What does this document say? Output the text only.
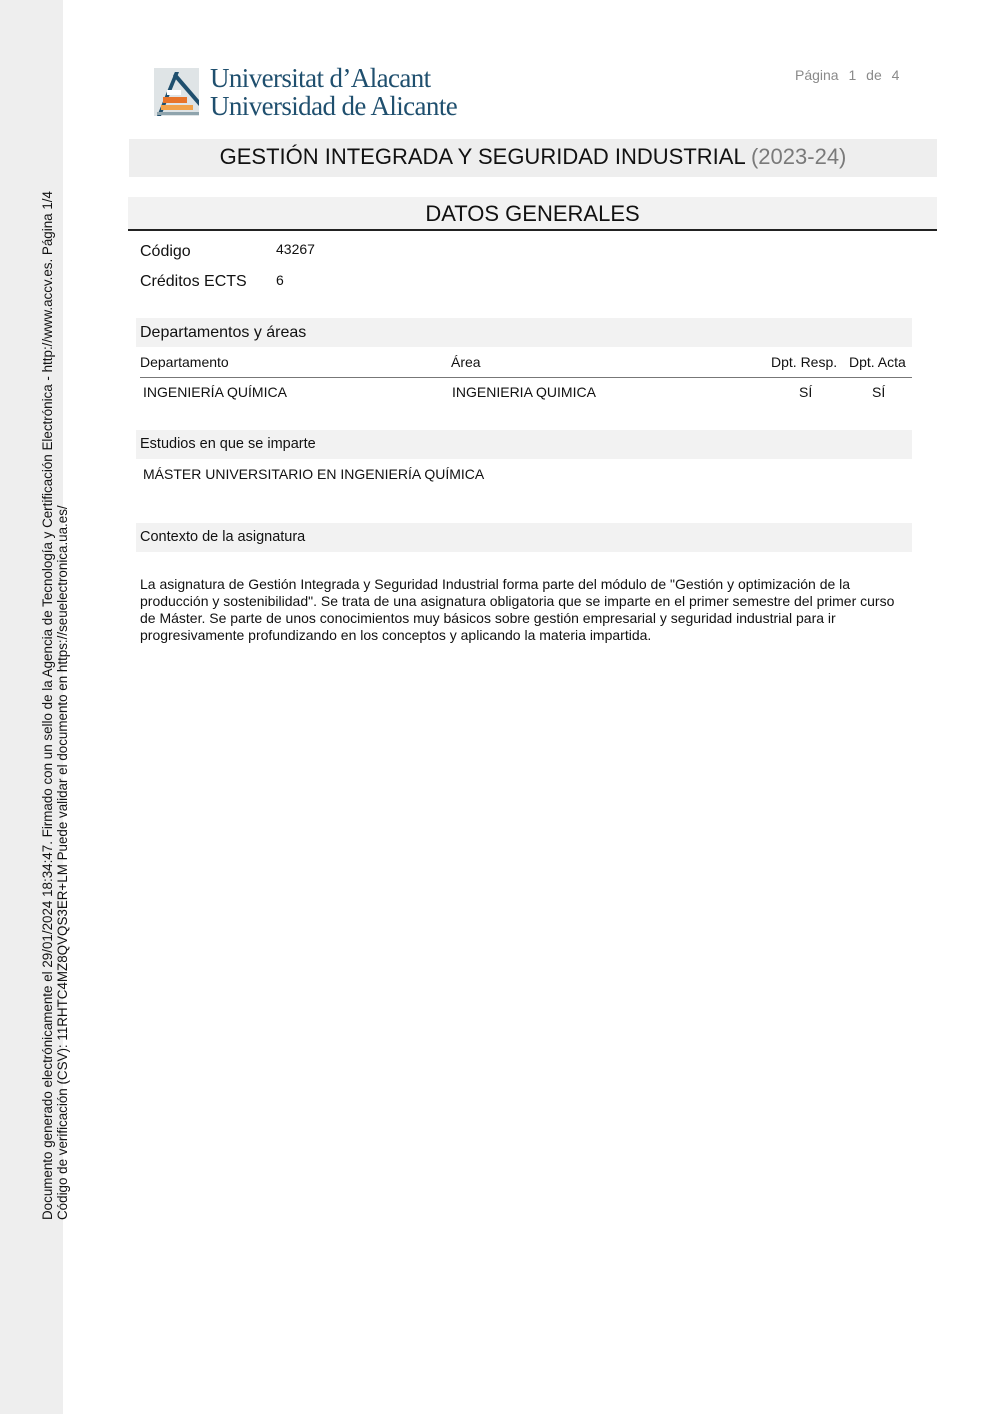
Documento generado electrónicamente el 29/01/2024 18:34:47. Firmado con un sello de la Agencia de Tecnología y Certificación Electrónica - http://www.accv.es. Página 1/4 Código de verificación (CSV): 11RHTC4MZ8QVQS3ER+LM Puede validar el documento en https://seuelectronica.ua.es/
Universitat d’Alacant
Universidad de Alicante
Página 1 de 4
GESTIÓN INTEGRADA Y SEGURIDAD INDUSTRIAL (2023-24)
DATOS GENERALES
Código	43267
Créditos ECTS 6
Departamentos y áreas
Departamento	Área	Dpt. Resp. Dpt. Acta
INGENIERÍA QUÍMICA	INGENIERIA QUIMICA	SÍ	SÍ
Estudios en que se imparte
MÁSTER UNIVERSITARIO EN INGENIERÍA QUÍMICA
Contexto de la asignatura
La asignatura de Gestión Integrada y Seguridad Industrial forma parte del módulo de "Gestión y optimización de la producción y sostenibilidad". Se trata de una asignatura obligatoria que se imparte en el primer semestre del primer curso de Máster. Se parte de unos conocimientos muy básicos sobre gestión empresarial y seguridad industrial para ir progresivamente profundizando en los conceptos y aplicando la materia impartida.
